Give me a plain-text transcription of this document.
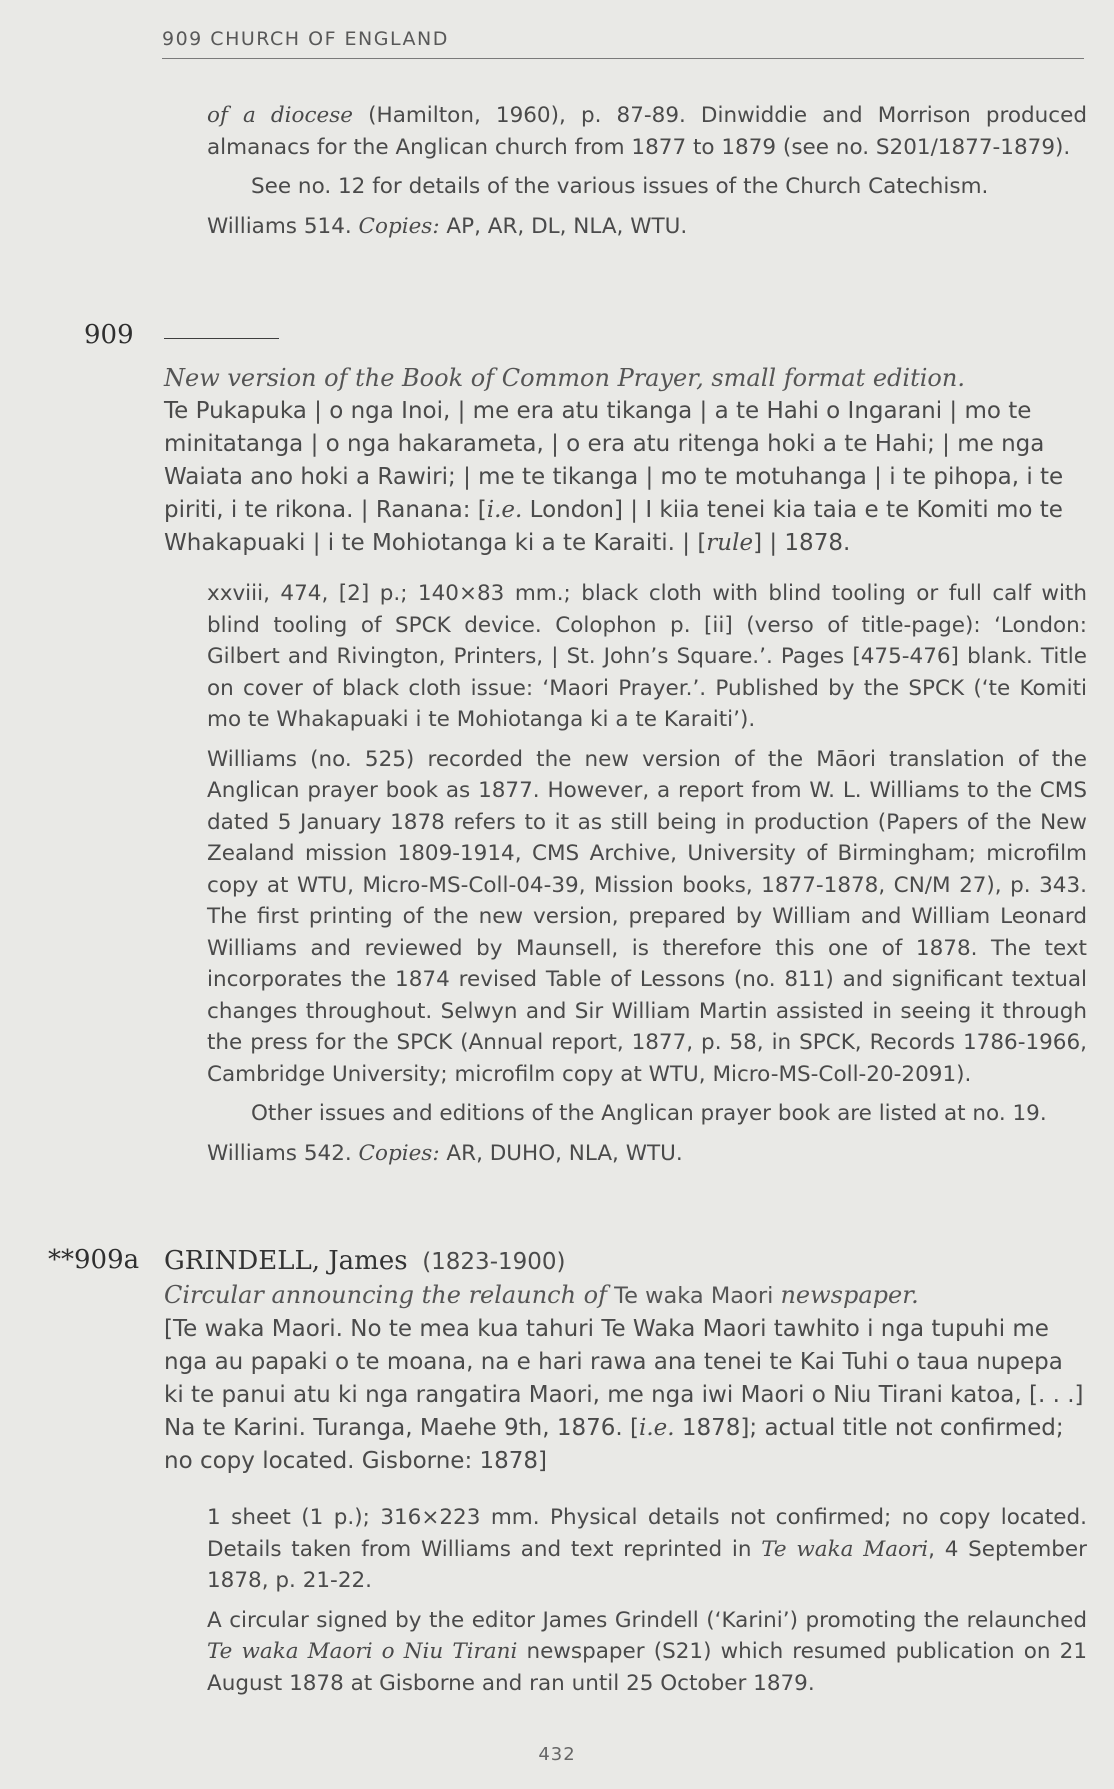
909 CHURCH OF ENGLAND

of a diocese (Hamilton, 1960), p. 87-89. Dinwiddie and Morrison produced almanacs for the Anglican church from 1877 to 1879 (see no. S201/1877-1879).

See no. 12 for details of the various issues of the Church Catechism.

Williams 514. Copies: AP, AR, DL, NLA, WTU.

909
New version of the Book of Common Prayer, small format edition.

Te Pukapuka | o nga Inoi, | me era atu tikanga | a te Hahi o Ingarani | mo te minitatanga | o nga hakarameta, | o era atu ritenga hoki a te Hahi; | me nga Waiata ano hoki a Rawiri; | me te tikanga | mo te motuhanga | i te pihopa, i te piriti, i te rikona. | Ranana: [i.e. London] | I kiia tenei kia taia e te Komiti mo te Whakapuaki | i te Mohiotanga ki a te Karaiti. | [rule] | 1878.

xxviii, 474, [2] p.; 140×83 mm.; black cloth with blind tooling or full calf with blind tooling of SPCK device. Colophon p. [ii] (verso of title-page): ‘London: Gilbert and Rivington, Printers, | St. John’s Square.’. Pages [475-476] blank. Title on cover of black cloth issue: ‘Maori Prayer.’. Published by the SPCK (‘te Komiti mo te Whakapuaki i te Mohiotanga ki a te Karaiti’).

Williams (no. 525) recorded the new version of the Māori translation of the Anglican prayer book as 1877. However, a report from W. L. Williams to the CMS dated 5 January 1878 refers to it as still being in production (Papers of the New Zealand mission 1809-1914, CMS Archive, University of Birmingham; microfilm copy at WTU, Micro-MS-Coll-04-39, Mission books, 1877-1878, CN/M 27), p. 343. The first printing of the new version, prepared by William and William Leonard Williams and reviewed by Maunsell, is therefore this one of 1878. The text incorporates the 1874 revised Table of Lessons (no. 811) and significant textual changes throughout. Selwyn and Sir William Martin assisted in seeing it through the press for the SPCK (Annual report, 1877, p. 58, in SPCK, Records 1786-1966, Cambridge University; microfilm copy at WTU, Micro-MS-Coll-20-2091).

Other issues and editions of the Anglican prayer book are listed at no. 19.

Williams 542. Copies: AR, DUHO, NLA, WTU.

**909a GRINDELL, James (1823-1900)
Circular announcing the relaunch of Te waka Maori newspaper.

[Te waka Maori. No te mea kua tahuri Te Waka Maori tawhito i nga tupuhi me nga au papaki o te moana, na e hari rawa ana tenei te Kai Tuhi o taua nupepa ki te panui atu ki nga rangatira Maori, me nga iwi Maori o Niu Tirani katoa, [. . .] Na te Karini. Turanga, Maehe 9th, 1876. [i.e. 1878]; actual title not confirmed; no copy located. Gisborne: 1878]

1 sheet (1 p.); 316×223 mm. Physical details not confirmed; no copy located. Details taken from Williams and text reprinted in Te waka Maori, 4 September 1878, p. 21-22.

A circular signed by the editor James Grindell (‘Karini’) promoting the relaunched Te waka Maori o Niu Tirani newspaper (S21) which resumed publication on 21 August 1878 at Gisborne and ran until 25 October 1879.

432
